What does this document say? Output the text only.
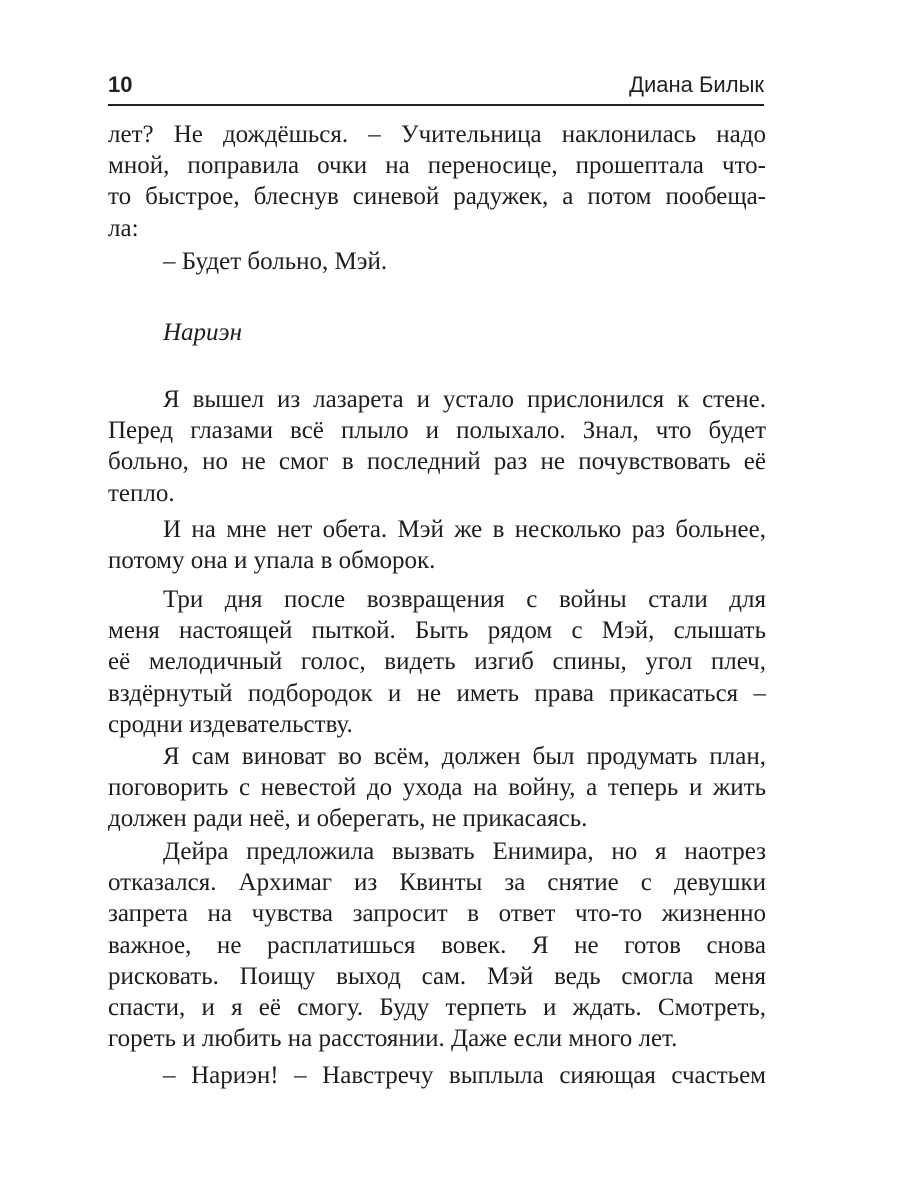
10	Диана Билык
лет? Не дождёшься. – Учительница наклонилась надо
мной, поправила очки на переносице, прошептала что-
то быстрое, блеснув синевой радужек, а потом пообеща-
ла:
– Будет больно, Мэй.
Нариэн
Я вышел из лазарета и устало прислонился к стене.
Перед глазами всё плыло и полыхало. Знал, что будет
больно, но не смог в последний раз не почувствовать её
тепло.
И на мне нет обета. Мэй же в несколько раз больнее,
потому она и упала в обморок.
Три дня после возвращения с войны стали для
меня настоящей пыткой. Быть рядом с Мэй, слышать
её мелодичный голос, видеть изгиб спины, угол плеч,
вздёрнутый подбородок и не иметь права прикасаться –
сродни издевательству.
Я сам виноват во всём, должен был продумать план,
поговорить с невестой до ухода на войну, а теперь и жить
должен ради неё, и оберегать, не прикасаясь.
Дейра предложила вызвать Енимира, но я наотрез
отказался. Архимаг из Квинты за снятие с девушки
запрета на чувства запросит в ответ что-то жизненно
важное, не расплатишься вовек. Я не готов снова
рисковать. Поищу выход сам. Мэй ведь смогла меня
спасти, и я её смогу. Буду терпеть и ждать. Смотреть,
гореть и любить на расстоянии. Даже если много лет.
– Нариэн! – Навстречу выплыла сияющая счастьем
